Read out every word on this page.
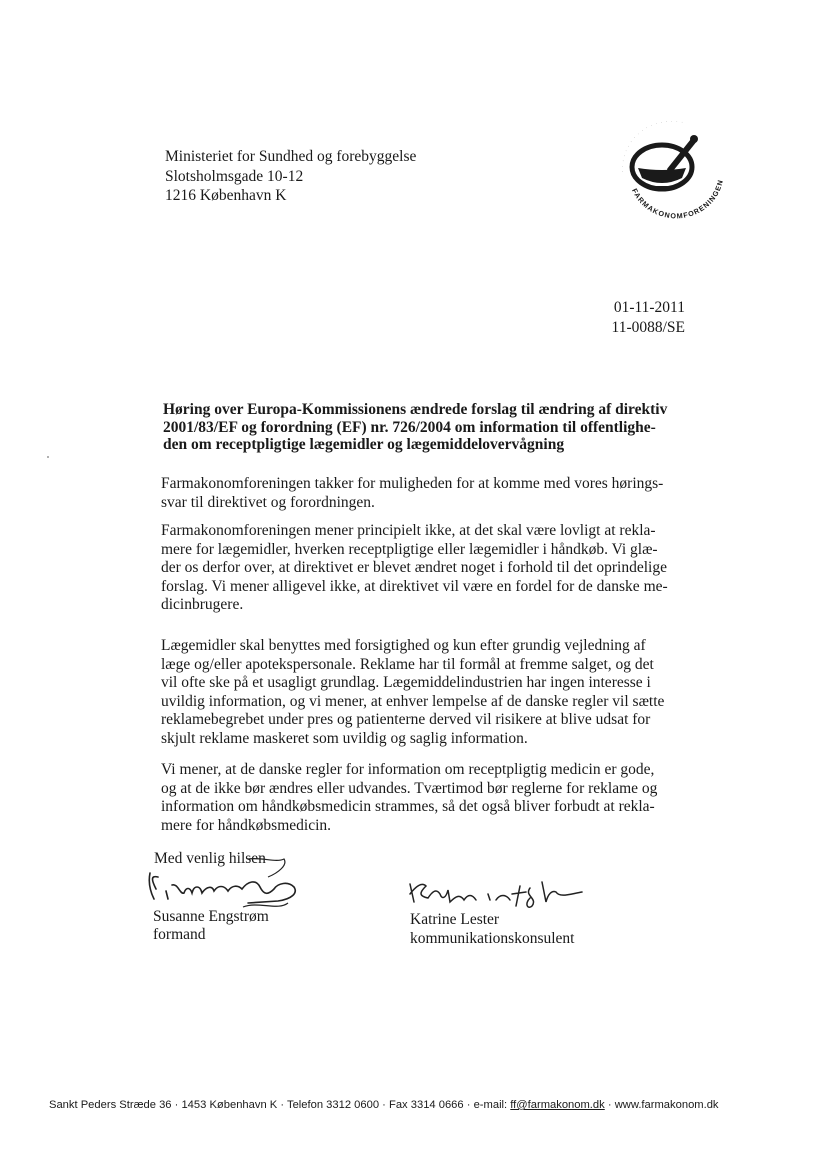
Ministeriet for Sundhed og forebyggelse
Slotsholmsgade 10-12
1216 København K
· · · · · · · · · · · · · · · · · ·
FARMAKONOMFORENINGEN
01-11-2011
11-0088/SE
Høring over Europa-Kommissionens ændrede forslag til ændring af direktiv
2001/83/EF og forordning (EF) nr. 726/2004 om information til offentlighe-
den om receptpligtige lægemidler og lægemiddelovervågning
Farmakonomforeningen takker for muligheden for at komme med vores hørings-
svar til direktivet og forordningen.
Farmakonomforeningen mener principielt ikke, at det skal være lovligt at rekla-
mere for lægemidler, hverken receptpligtige eller lægemidler i håndkøb. Vi glæ-
der os derfor over, at direktivet er blevet ændret noget i forhold til det oprindelige
forslag. Vi mener alligevel ikke, at direktivet vil være en fordel for de danske me-
dicinbrugere.
Lægemidler skal benyttes med forsigtighed og kun efter grundig vejledning af
læge og/eller apotekspersonale. Reklame har til formål at fremme salget, og det
vil ofte ske på et usagligt grundlag. Lægemiddelindustrien har ingen interesse i
uvildig information, og vi mener, at enhver lempelse af de danske regler vil sætte
reklamebegrebet under pres og patienterne derved vil risikere at blive udsat for
skjult reklame maskeret som uvildig og saglig information.
Vi mener, at de danske regler for information om receptpligtig medicin er gode,
og at de ikke bør ændres eller udvandes. Tværtimod bør reglerne for reklame og
information om håndkøbsmedicin strammes, så det også bliver forbudt at rekla-
mere for håndkøbsmedicin.
Med venlig hilsen
Susanne Engstrøm
formand
Katrine Lester
kommunikationskonsulent
Sankt Peders Stræde 36 · 1453 København K · Telefon 3312 0600 · Fax 3314 0666 · e-mail: ff@farmakonom.dk · www.farmakonom.dk
